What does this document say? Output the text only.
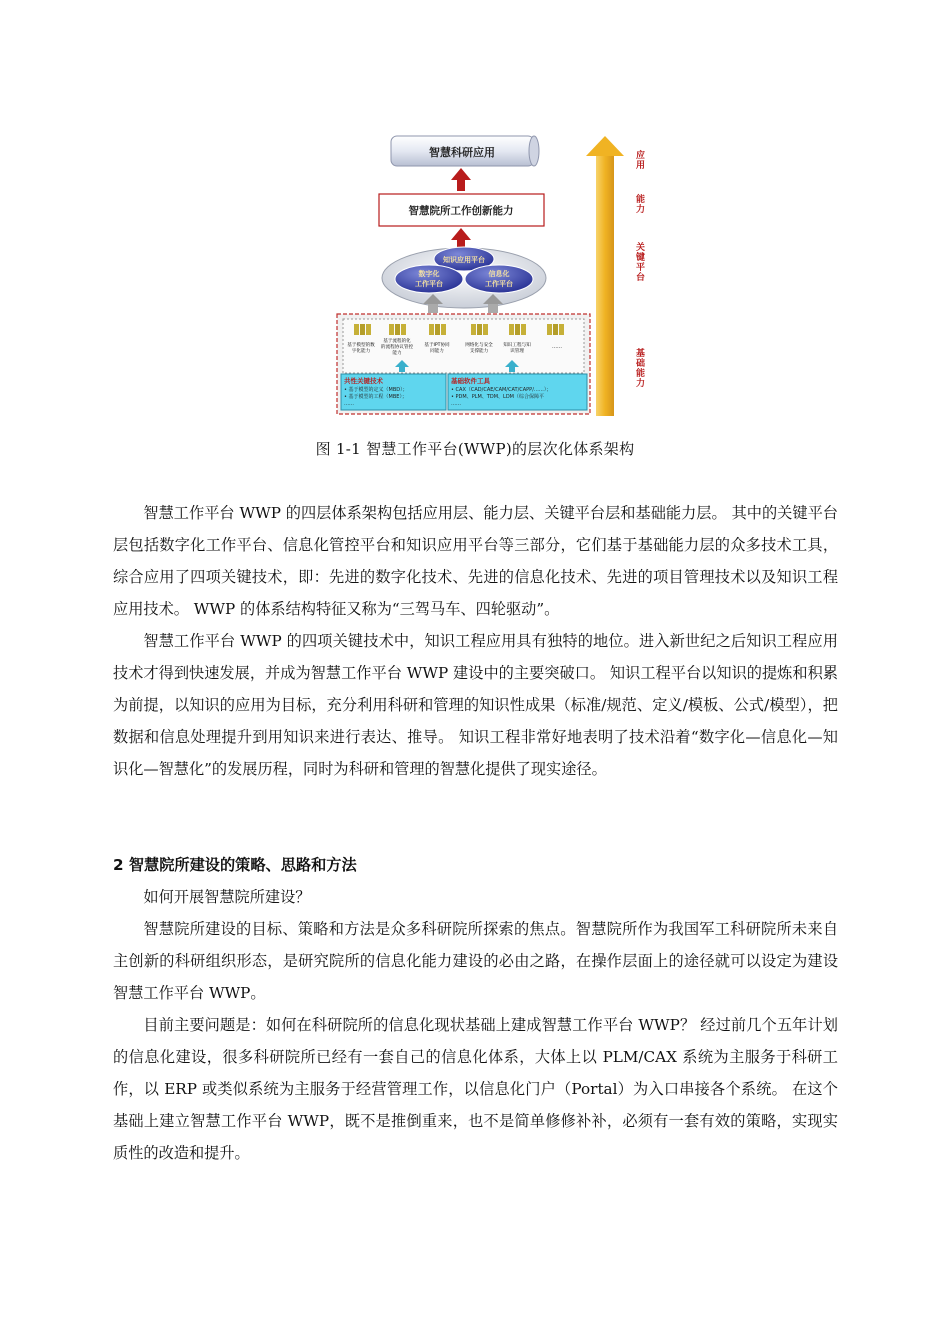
智慧科研应用
智慧院所工作创新能力
知识应用平台
数字化
工作平台
信息化
工作平台
基于模型的数
字化能力
基于流程的化
的流程协议管控
能力
基于IPT协同
同能力
网络化与安全
支撑能力
知识工程与知
识管理
……
共性关键技术
• 基于模型的定义（MBD）；
• 基于模型的工程（MBE）；
……
基础软件工具
• CAX（CAD/CAE/CAM/CAT/CAPP/……）；
• PDM、PLM、TDM、LDM（综合保障平
……
应用
能力
关键平台
基础能力
图 1-1 智慧工作平台(WWP)的层次化体系架构

智慧工作平台 WWP 的四层体系架构包括应用层、能力层、关键平台层和基础能力层。 其中的关键平台层包括数字化工作平台、信息化管控平台和知识应用平台等三部分，它们基于基础能力层的众多技术工具，综合应用了四项关键技术，即：先进的数字化技术、先进的信息化技术、先进的项目管理技术以及知识工程应用技术。 WWP 的体系结构特征又称为“三驾马车、四轮驱动”。

智慧工作平台 WWP 的四项关键技术中，知识工程应用具有独特的地位。进入新世纪之后知识工程应用技术才得到快速发展，并成为智慧工作平台 WWP 建设中的主要突破口。 知识工程平台以知识的提炼和积累为前提，以知识的应用为目标，充分利用科研和管理的知识性成果（标准/规范、定义/模板、公式/模型），把数据和信息处理提升到用知识来进行表达、推导。 知识工程非常好地表明了技术沿着“数字化—信息化—知识化—智慧化”的发展历程，同时为科研和管理的智慧化提供了现实途径。

2 智慧院所建设的策略、思路和方法

如何开展智慧院所建设？

智慧院所建设的目标、策略和方法是众多科研院所探索的焦点。智慧院所作为我国军工科研院所未来自主创新的科研组织形态，是研究院所的信息化能力建设的必由之路，在操作层面上的途径就可以设定为建设智慧工作平台 WWP。

目前主要问题是：如何在科研院所的信息化现状基础上建成智慧工作平台 WWP？ 经过前几个五年计划的信息化建设，很多科研院所已经有一套自己的信息化体系，大体上以 PLM/CAX 系统为主服务于科研工作，以 ERP 或类似系统为主服务于经营管理工作，以信息化门户（Portal）为入口串接各个系统。 在这个基础上建立智慧工作平台 WWP，既不是推倒重来，也不是简单修修补补，必须有一套有效的策略，实现实质性的改造和提升。
